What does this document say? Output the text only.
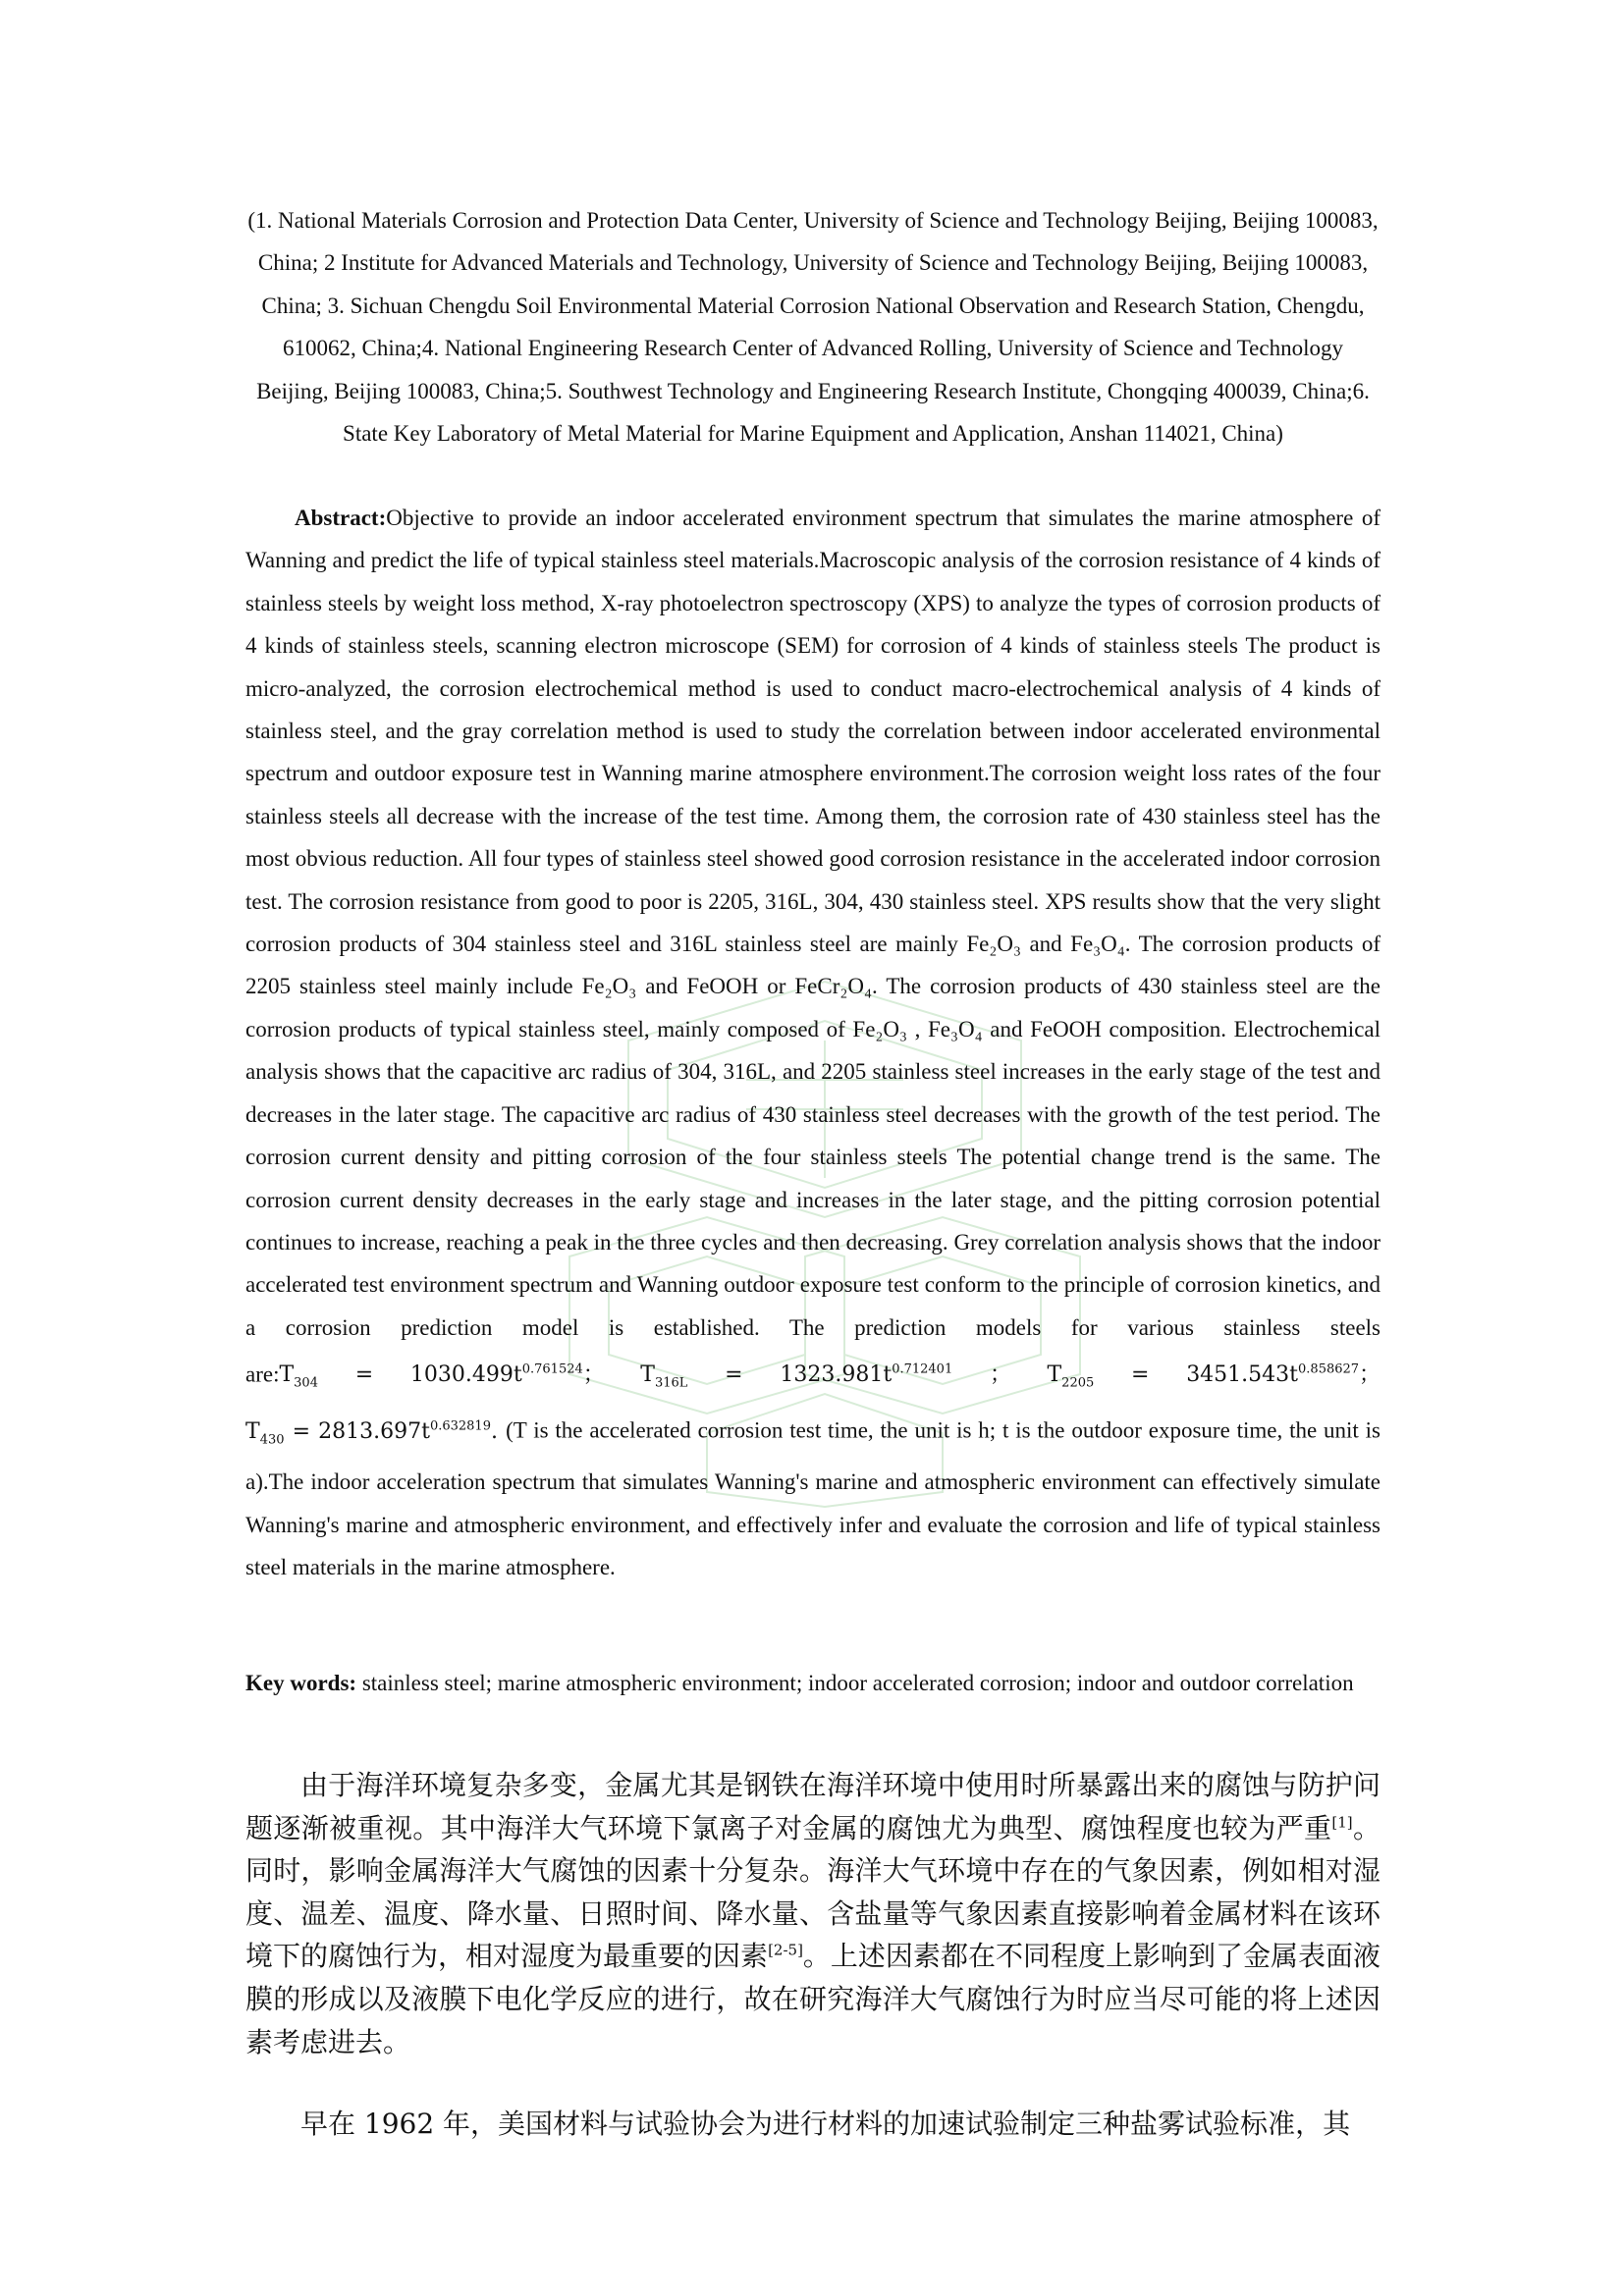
(1. National Materials Corrosion and Protection Data Center, University of Science and Technology Beijing, Beijing 100083, China; 2 Institute for Advanced Materials and Technology, University of Science and Technology Beijing, Beijing 100083, China; 3. Sichuan Chengdu Soil Environmental Material Corrosion National Observation and Research Station, Chengdu, 610062, China;4. National Engineering Research Center of Advanced Rolling, University of Science and Technology Beijing, Beijing 100083, China;5. Southwest Technology and Engineering Research Institute, Chongqing 400039, China;6. State Key Laboratory of Metal Material for Marine Equipment and Application, Anshan 114021, China)
Abstract:Objective to provide an indoor accelerated environment spectrum that simulates the marine atmosphere of Wanning and predict the life of typical stainless steel materials.Macroscopic analysis of the corrosion resistance of 4 kinds of stainless steels by weight loss method, X-ray photoelectron spectroscopy (XPS) to analyze the types of corrosion products of 4 kinds of stainless steels, scanning electron microscope (SEM) for corrosion of 4 kinds of stainless steels The product is micro-analyzed, the corrosion electrochemical method is used to conduct macro-electrochemical analysis of 4 kinds of stainless steel, and the gray correlation method is used to study the correlation between indoor accelerated environmental spectrum and outdoor exposure test in Wanning marine atmosphere environment.The corrosion weight loss rates of the four stainless steels all decrease with the increase of the test time. Among them, the corrosion rate of 430 stainless steel has the most obvious reduction. All four types of stainless steel showed good corrosion resistance in the accelerated indoor corrosion test. The corrosion resistance from good to poor is 2205, 316L, 304, 430 stainless steel. XPS results show that the very slight corrosion products of 304 stainless steel and 316L stainless steel are mainly Fe₂O₃ and Fe₃O₄. The corrosion products of 2205 stainless steel mainly include Fe₂O₃ and FeOOH or FeCr₂O₄. The corrosion products of 430 stainless steel are the corrosion products of typical stainless steel, mainly composed of Fe₂O₃ , Fe₃O₄ and FeOOH composition. Electrochemical analysis shows that the capacitive arc radius of 304, 316L, and 2205 stainless steel increases in the early stage of the test and decreases in the later stage. The capacitive arc radius of 430 stainless steel decreases with the growth of the test period. The corrosion current density and pitting corrosion of the four stainless steels The potential change trend is the same. The corrosion current density decreases in the early stage and increases in the later stage, and the pitting corrosion potential continues to increase, reaching a peak in the three cycles and then decreasing. Grey correlation analysis shows that the indoor accelerated test environment spectrum and Wanning outdoor exposure test conform to the principle of corrosion kinetics, and a corrosion prediction model is established. The prediction models for various stainless steels $are:T_{304} = 1030.499t^{0.761524}$； $T_{316L} = 1323.981t^{0.712401}$ ； $T_{2205} = 3451.543t^{0.858627}$； $T_{430} = 2813.697t^{0.632819}$. (T is the accelerated corrosion test time, the unit is h; t is the outdoor exposure time, the unit is a).The indoor acceleration spectrum that simulates Wanning's marine and atmospheric environment can effectively simulate Wanning's marine and atmospheric environment, and effectively infer and evaluate the corrosion and life of typical stainless steel materials in the marine atmosphere.
Key words: stainless steel; marine atmospheric environment; indoor accelerated corrosion; indoor and outdoor correlation

由于海洋环境复杂多变，金属尤其是钢铁在海洋环境中使用时所暴露出来的腐蚀与防护问题逐渐被重视。其中海洋大气环境下氯离子对金属的腐蚀尤为典型、腐蚀程度也较为严重[1]。同时，影响金属海洋大气腐蚀的因素十分复杂。海洋大气环境中存在的气象因素，例如相对湿度、温差、温度、降水量、日照时间、降水量、含盐量等气象因素直接影响着金属材料在该环境下的腐蚀行为，相对湿度为最重要的因素[2-5]。上述因素都在不同程度上影响到了金属表面液膜的形成以及液膜下电化学反应的进行，故在研究海洋大气腐蚀行为时应当尽可能的将上述因素考虑进去。

早在 1962 年，美国材料与试验协会为进行材料的加速试验制定三种盐雾试验标准，其
